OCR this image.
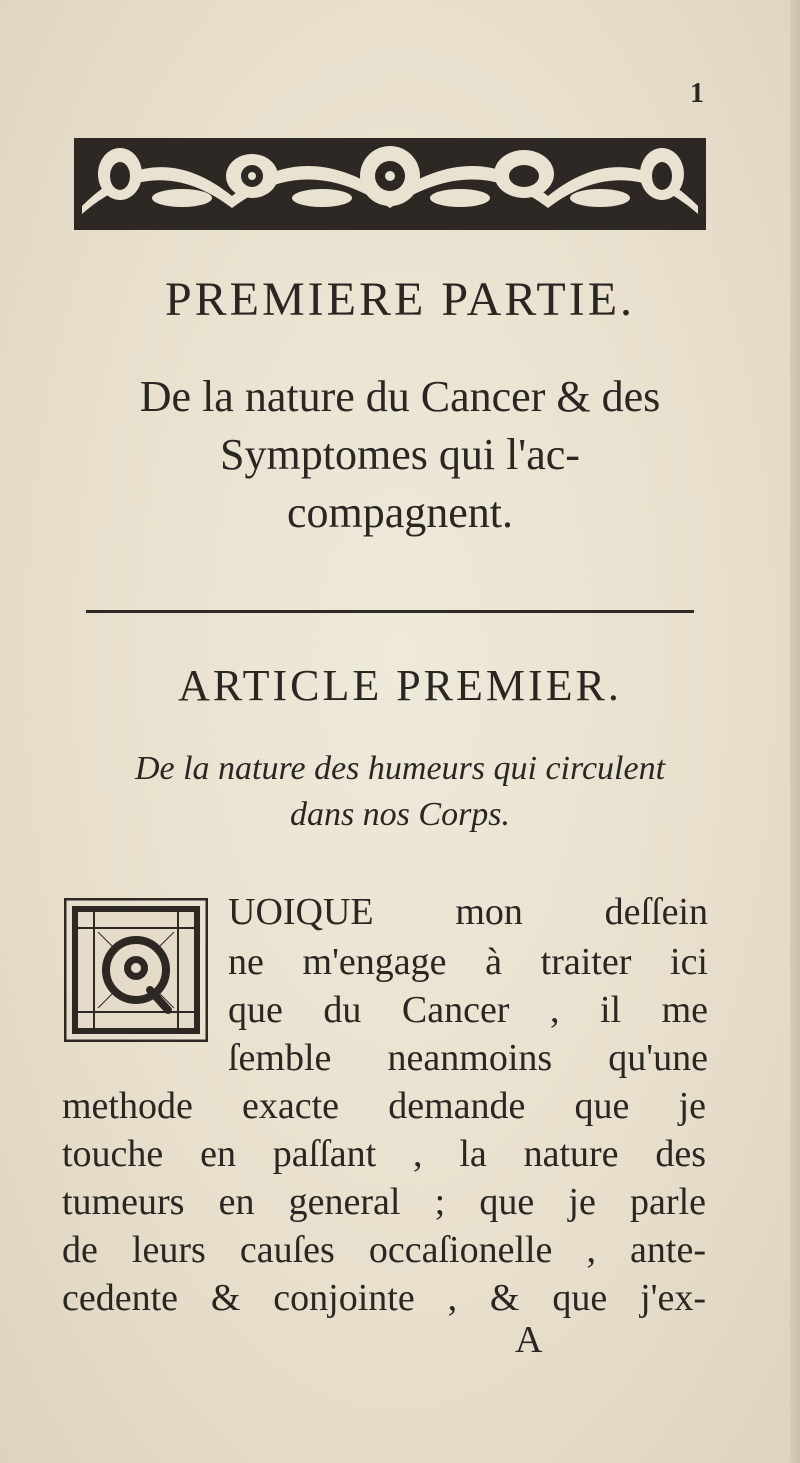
1
PREMIERE PARTIE.
De la nature du Cancer & des
Symptomes qui l'ac-
compagnent.
ARTICLE PREMIER.
De la nature des humeurs qui circulent
dans nos Corps.
UOIQUE mon deſſein
ne m'engage à traiter ici
que du Cancer , il me
ſemble neanmoins qu'une
methode exacte demande que je
touche en paſſant , la nature des
tumeurs en general ; que je parle
de leurs cauſes occaſionelle , ante-
cedente & conjointe , & que j'ex-
A
